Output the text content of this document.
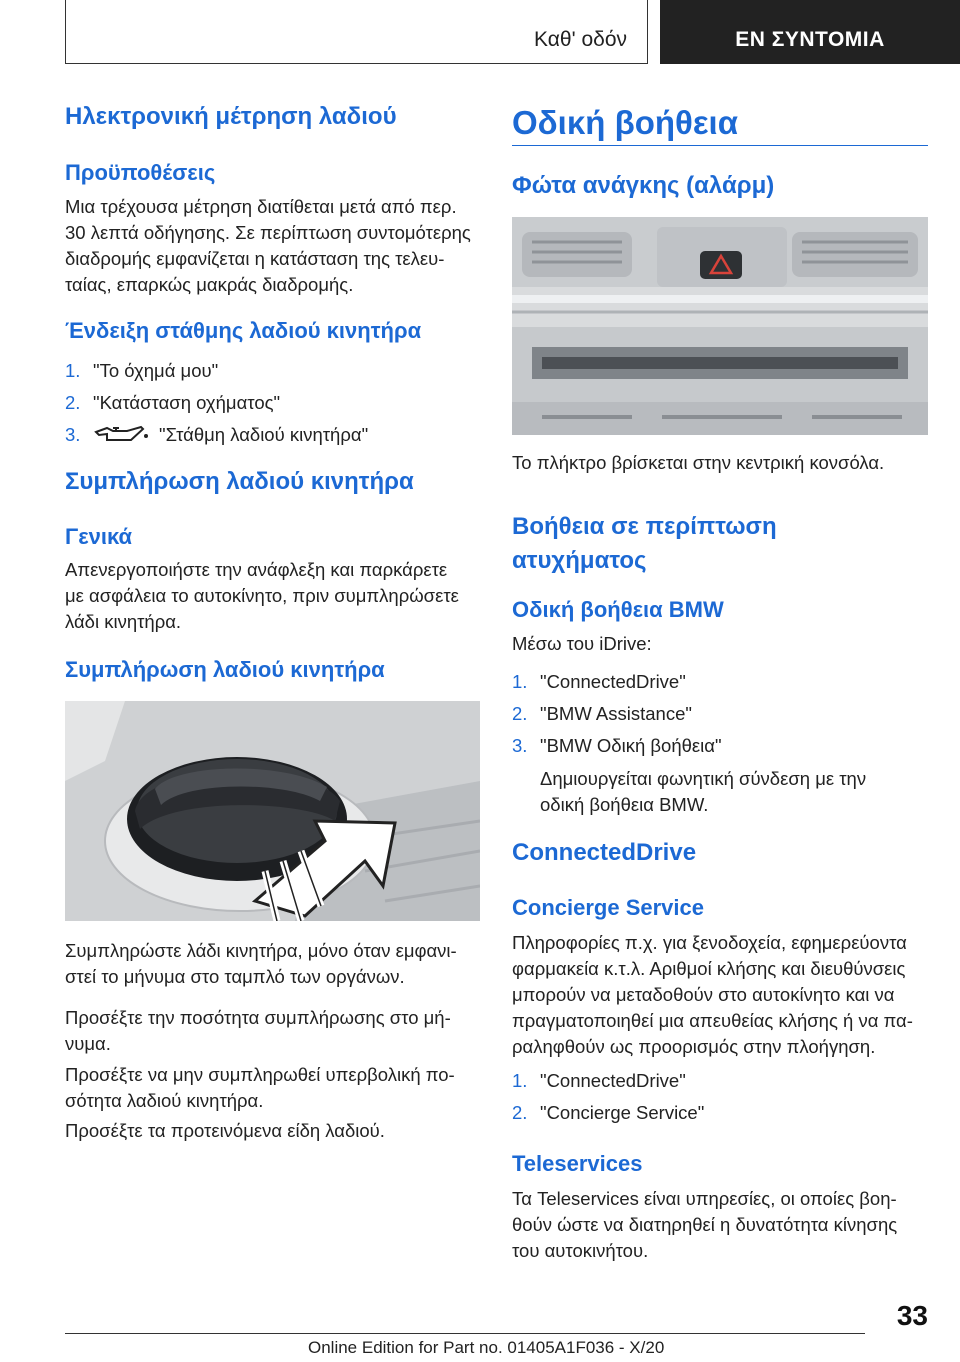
Καθ' οδόν	ΕΝ ΣΥΝΤΟΜΙΑ
Ηλεκτρονική μέτρηση λαδιού
Προϋποθέσεις

Μια τρέχουσα μέτρηση διατίθεται μετά από περ.

30 λεπτά οδήγησης. Σε περίπτωση συντομότερης

διαδρομής εμφανίζεται η κατάσταση της τελευ-

ταίας, επαρκώς μακράς διαδρομής.

Ένδειξη στάθμης λαδιού κινητήρα
1. "Το όχημά μου"
2. "Κατάσταση οχήματος"
3.	"Στάθμη λαδιού κινητήρα"
Συμπλήρωση λαδιού κινητήρα
Γενικά

Απενεργοποιήστε την ανάφλεξη και παρκάρετε

με ασφάλεια το αυτοκίνητο, πριν συμπληρώσετε

λάδι κινητήρα.

Συμπλήρωση λαδιού κινητήρα

Συμπληρώστε λάδι κινητήρα, μόνο όταν εμφανι-

στεί το μήνυμα στο ταμπλό των οργάνων.

Προσέξτε την ποσότητα συμπλήρωσης στο μή-

νυμα.

Προσέξτε να μην συμπληρωθεί υπερβολική πο-

σότητα λαδιού κινητήρα.

Προσέξτε τα προτεινόμενα είδη λαδιού.

Οδική βοήθεια
Φώτα ανάγκης (αλάρμ)

Το πλήκτρο βρίσκεται στην κεντρική κονσόλα.

Βοήθεια σε περίπτωση
ατυχήματος
Οδική βοήθεια BMW

Μέσω του iDrive:

1. "ConnectedDrive"
2. "BMW Assistance"
3. "BMW Οδική βοήθεια"

Δημιουργείται φωνητική σύνδεση με την

οδική βοήθεια BMW.

ConnectedDrive
Concierge Service

Πληροφορίες π.χ. για ξενοδοχεία, εφημερεύοντα

φαρμακεία κ.τ.λ. Αριθμοί κλήσης και διευθύνσεις

μπορούν να μεταδοθούν στο αυτοκίνητο και να

πραγματοποιηθεί μια απευθείας κλήσης ή να πα-

ραληφθούν ως προορισμός στην πλοήγηση.

1. "ConnectedDrive"
2. "Concierge Service"
Teleservices

Τα Teleservices είναι υπηρεσίες, οι οποίες βοη-

θούν ώστε να διατηρηθεί η δυνατότητα κίνησης

του αυτοκινήτου.

33
Online Edition for Part no. 01405A1F036 - X/20
